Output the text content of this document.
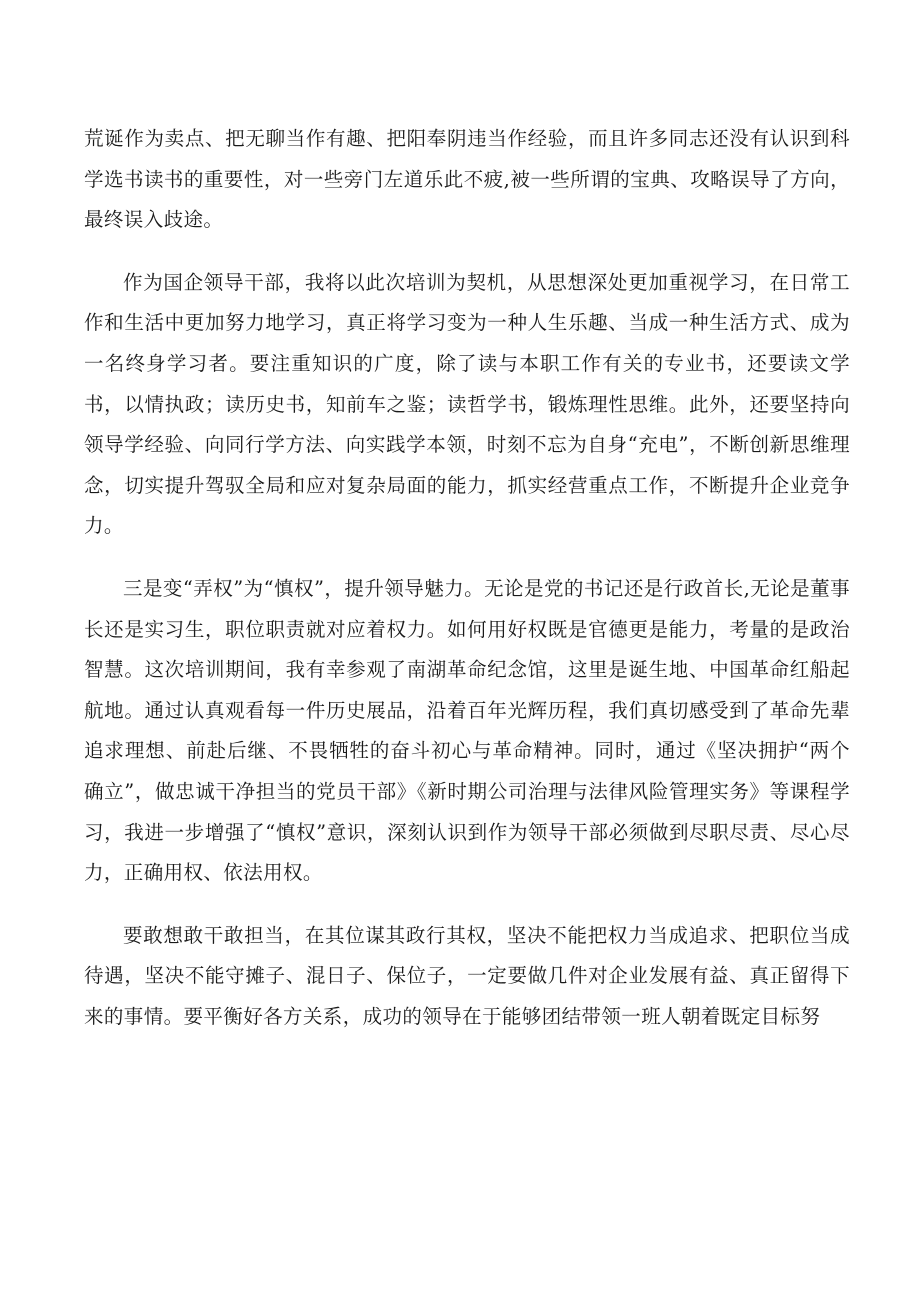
荒诞作为卖点、把无聊当作有趣、把阳奉阴违当作经验，而且许多同志还没有认识到科学选书读书的重要性，对一些旁门左道乐此不疲,被一些所谓的宝典、攻略误导了方向，最终误入歧途。

作为国企领导干部，我将以此次培训为契机，从思想深处更加重视学习，在日常工作和生活中更加努力地学习，真正将学习变为一种人生乐趣、当成一种生活方式、成为一名终身学习者。要注重知识的广度，除了读与本职工作有关的专业书，还要读文学书，以情执政；读历史书，知前车之鉴；读哲学书，锻炼理性思维。此外，还要坚持向领导学经验、向同行学方法、向实践学本领，时刻不忘为自身“充电”，不断创新思维理念，切实提升驾驭全局和应对复杂局面的能力，抓实经营重点工作，不断提升企业竞争力。

三是变“弄权”为“慎权”，提升领导魅力。无论是党的书记还是行政首长,无论是董事长还是实习生，职位职责就对应着权力。如何用好权既是官德更是能力，考量的是政治智慧。这次培训期间，我有幸参观了南湖革命纪念馆，这里是诞生地、中国革命红船起航地。通过认真观看每一件历史展品，沿着百年光辉历程，我们真切感受到了革命先辈追求理想、前赴后继、不畏牺牲的奋斗初心与革命精神。同时，通过《坚决拥护“两个确立”，做忠诚干净担当的党员干部》《新时期公司治理与法律风险管理实务》等课程学习，我进一步增强了“慎权”意识，深刻认识到作为领导干部必须做到尽职尽责、尽心尽力，正确用权、依法用权。

要敢想敢干敢担当，在其位谋其政行其权，坚决不能把权力当成追求、把职位当成待遇，坚决不能守摊子、混日子、保位子，一定要做几件对企业发展有益、真正留得下来的事情。要平衡好各方关系，成功的领导在于能够团结带领一班人朝着既定目标努
